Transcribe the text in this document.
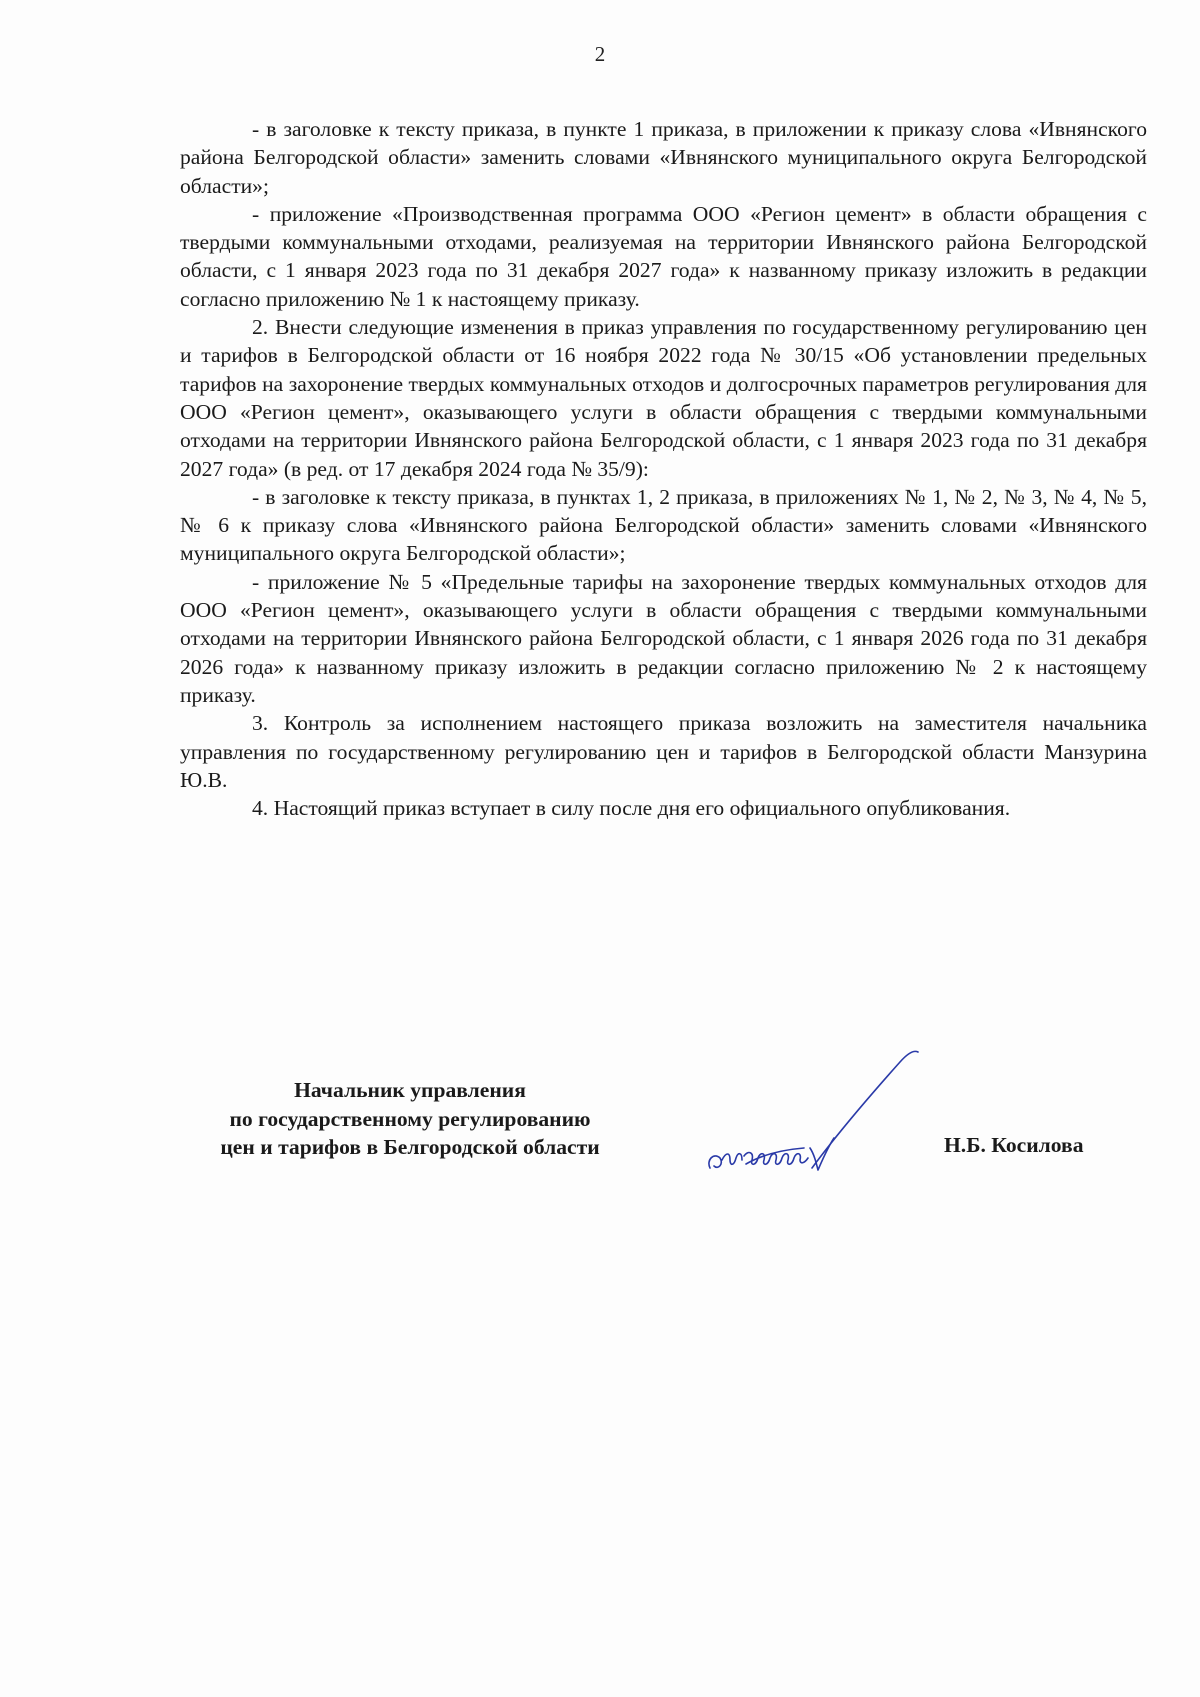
2

- в заголовке к тексту приказа, в пункте 1 приказа, в приложении к приказу слова «Ивнянского района Белгородской области» заменить словами «Ивнянского муниципального округа Белгородской области»;

- приложение «Производственная программа ООО «Регион цемент» в области обращения с твердыми коммунальными отходами, реализуемая на территории Ивнянского района Белгородской области, с 1 января 2023 года по 31 декабря 2027 года» к названному приказу изложить в редакции согласно приложению № 1 к настоящему приказу.

2. Внести следующие изменения в приказ управления по государственному регулированию цен и тарифов в Белгородской области от 16 ноября 2022 года № 30/15 «Об установлении предельных тарифов на захоронение твердых коммунальных отходов и долгосрочных параметров регулирования для ООО «Регион цемент», оказывающего услуги в области обращения с твердыми коммунальными отходами на территории Ивнянского района Белгородской области, с 1 января 2023 года по 31 декабря 2027 года» (в ред. от 17 декабря 2024 года № 35/9):

- в заголовке к тексту приказа, в пунктах 1, 2 приказа, в приложениях № 1, № 2, № 3, № 4, № 5, № 6 к приказу слова «Ивнянского района Белгородской области» заменить словами «Ивнянского муниципального округа Белгородской области»;

- приложение № 5 «Предельные тарифы на захоронение твердых коммунальных отходов для ООО «Регион цемент», оказывающего услуги в области обращения с твердыми коммунальными отходами на территории Ивнянского района Белгородской области, с 1 января 2026 года по 31 декабря 2026 года» к названному приказу изложить в редакции согласно приложению № 2 к настоящему приказу.

3. Контроль за исполнением настоящего приказа возложить на заместителя начальника управления по государственному регулированию цен и тарифов в Белгородской области Манзурина Ю.В.

4. Настоящий приказ вступает в силу после дня его официального опубликования.

Начальник управления
по государственному регулированию
цен и тарифов в Белгородской области	Н.Б. Косилова
